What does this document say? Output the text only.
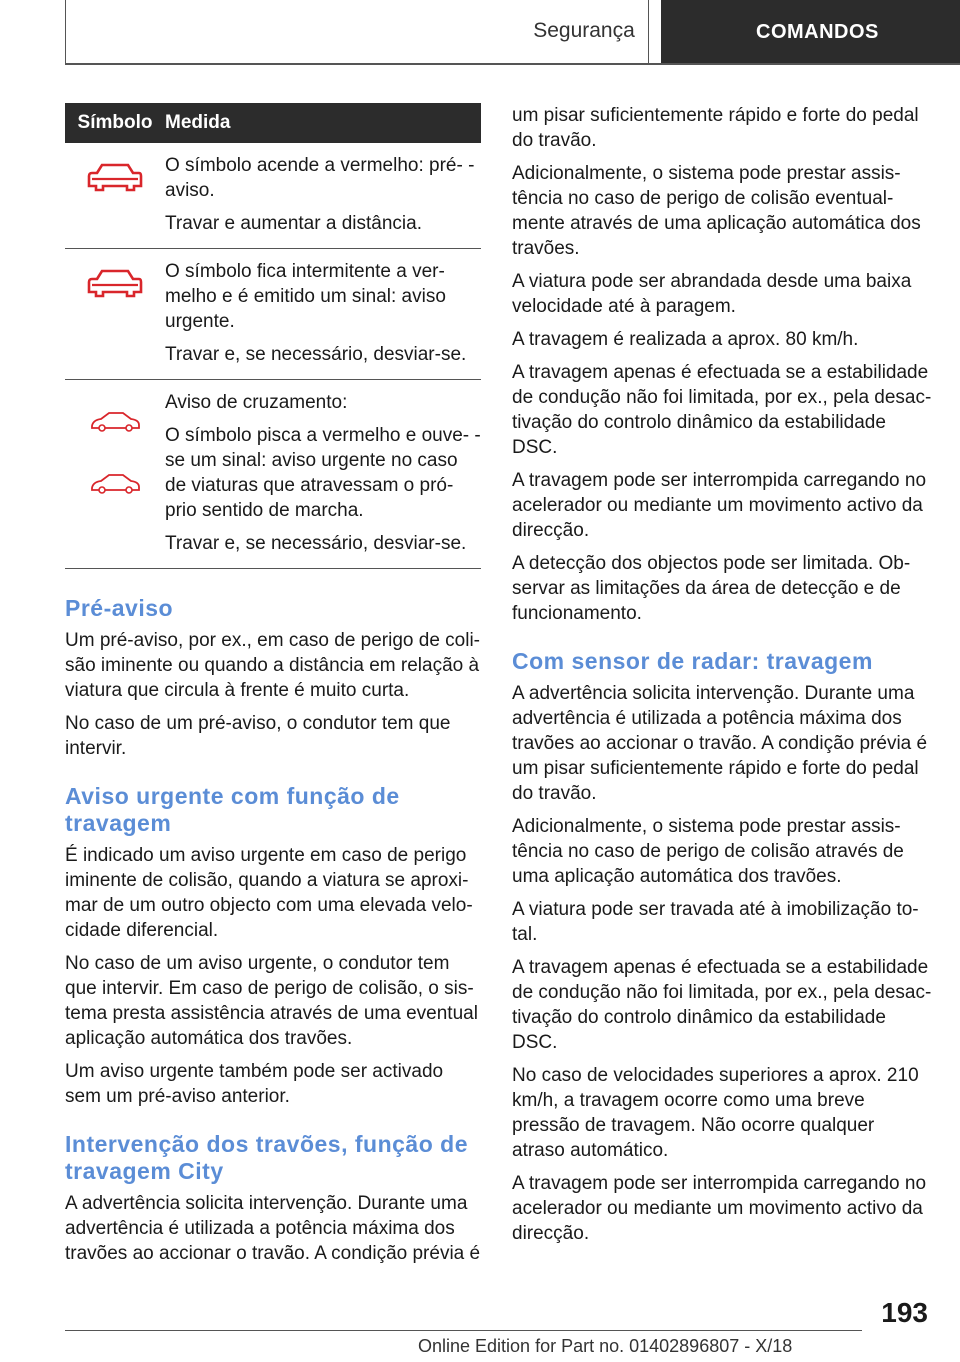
Segurança	COMANDOS
Símbolo	Medida

O símbolo acende a vermelho: pré- -aviso.

Travar e aumentar a distância.

O símbolo fica intermitente a ver- melho e é emitido um sinal: aviso urgente.

Travar e, se necessário, desviar-se.

Aviso de cruzamento:

O símbolo pisca a vermelho e ouve- -se um sinal: aviso urgente no caso de viaturas que atravessam o pró- prio sentido de marcha.

Travar e, se necessário, desviar-se.

Pré-aviso

Um pré-aviso, por ex., em caso de perigo de coli- são iminente ou quando a distância em relação à viatura que circula à frente é muito curta.

No caso de um pré-aviso, o condutor tem que intervir.

Aviso urgente com função de travagem

É indicado um aviso urgente em caso de perigo iminente de colisão, quando a viatura se aproxi- mar de um outro objecto com uma elevada velo- cidade diferencial.

No caso de um aviso urgente, o condutor tem que intervir. Em caso de perigo de colisão, o sis- tema presta assistência através de uma eventual aplicação automática dos travões.

Um aviso urgente também pode ser activado sem um pré-aviso anterior.

Intervenção dos travões, função de travagem City

A advertência solicita intervenção. Durante uma advertência é utilizada a potência máxima dos travões ao accionar o travão. A condição prévia é

um pisar suficientemente rápido e forte do pedal do travão.

Adicionalmente, o sistema pode prestar assis- tência no caso de perigo de colisão eventual- mente através de uma aplicação automática dos travões.

A viatura pode ser abrandada desde uma baixa velocidade até à paragem.

A travagem é realizada a aprox. 80 km/h.

A travagem apenas é efectuada se a estabilidade de condução não foi limitada, por ex., pela desac- tivação do controlo dinâmico da estabilidade DSC.

A travagem pode ser interrompida carregando no acelerador ou mediante um movimento activo da direcção.

A detecção dos objectos pode ser limitada. Ob- servar as limitações da área de detecção e de funcionamento.

Com sensor de radar: travagem

A advertência solicita intervenção. Durante uma advertência é utilizada a potência máxima dos travões ao accionar o travão. A condição prévia é um pisar suficientemente rápido e forte do pedal do travão.

Adicionalmente, o sistema pode prestar assis- tência no caso de perigo de colisão através de uma aplicação automática dos travões.

A viatura pode ser travada até à imobilização to- tal.

A travagem apenas é efectuada se a estabilidade de condução não foi limitada, por ex., pela desac- tivação do controlo dinâmico da estabilidade DSC.

No caso de velocidades superiores a aprox. 210 km/h, a travagem ocorre como uma breve pressão de travagem. Não ocorre qualquer atraso automático.

A travagem pode ser interrompida carregando no acelerador ou mediante um movimento activo da direcção.

193
Online Edition for Part no. 01402896807 - X/18
